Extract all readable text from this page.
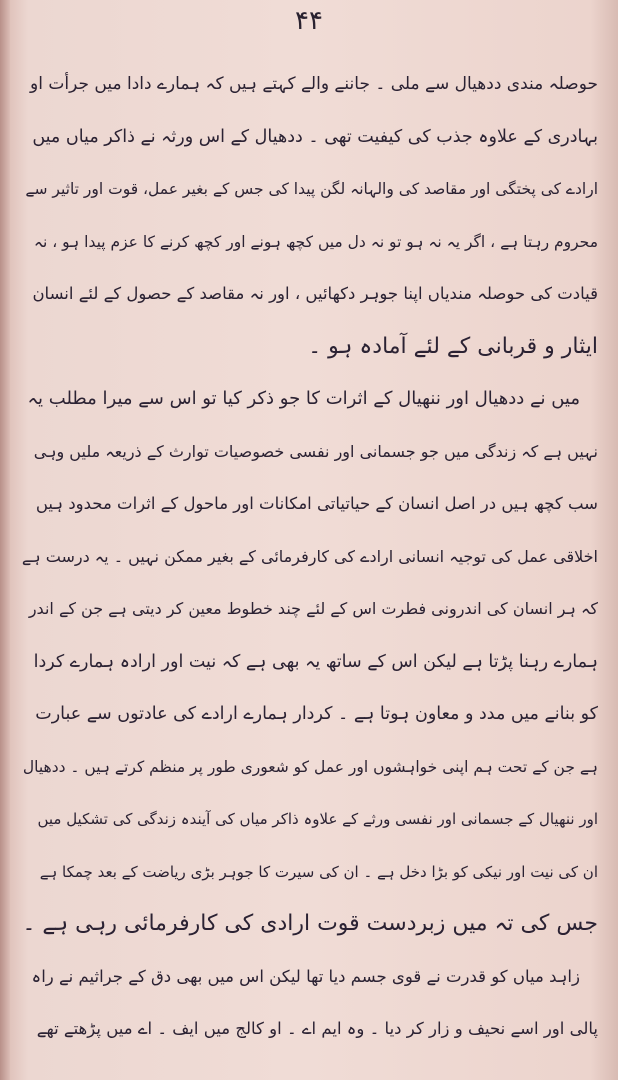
۴۴
حوصلہ مندی ددھیال سے ملی ۔ جاننے والے کہتے ہیں کہ ہمارے دادا میں جرأت او
بہادری کے علاوہ جذب کی کیفیت تھی ۔ ددھیال کے اس ورثہ نے ذاکر میاں میں
ارادے کی پختگی اور مقاصد کی والہانہ لگن پیدا کی جس کے بغیر عمل، قوت اور تاثیر سے
محروم رہتا ہے ، اگر یہ نہ ہو تو نہ دل میں کچھ ہونے اور کچھ کرنے کا عزم پیدا ہو ، نہ
قیادت کی حوصلہ مندیاں اپنا جوہر دکھائیں ، اور نہ مقاصد کے حصول کے لئے انسان
ایثار و قربانی کے لئے آمادہ ہو ۔
میں نے ددھیال اور ننھیال کے اثرات کا جو ذکر کیا تو اس سے میرا مطلب یہ
نہیں ہے کہ زندگی میں جو جسمانی اور نفسی خصوصیات توارث کے ذریعہ ملیں وہی
سب کچھ ہیں در اصل انسان کے حیاتیاتی امکانات اور ماحول کے اثرات محدود ہیں
اخلاقی عمل کی توجیہ انسانی ارادے کی کارفرمائی کے بغیر ممکن نہیں ۔ یہ درست ہے
کہ ہر انسان کی اندرونی فطرت اس کے لئے چند خطوط معین کر دیتی ہے جن کے اندر
ہمارے رہنا پڑتا ہے لیکن اس کے ساتھ یہ بھی ہے کہ نیت اور ارادہ ہمارے کردا
کو بنانے میں مدد و معاون ہوتا ہے ۔ کردار ہمارے ارادے کی عادتوں سے عبارت
ہے جن کے تحت ہم اپنی خواہشوں اور عمل کو شعوری طور پر منظم کرتے ہیں ۔ ددھیال
اور ننھیال کے جسمانی اور نفسی ورثے کے علاوہ ذاکر میاں کی آیندہ زندگی کی تشکیل میں
ان کی نیت اور نیکی کو بڑا دخل ہے ۔ ان کی سیرت کا جوہر بڑی ریاضت کے بعد چمکا ہے
جس کی تہ میں زبردست قوت ارادی کی کارفرمائی رہی ہے ۔
زاہد میاں کو قدرت نے قوی جسم دیا تھا لیکن اس میں بھی دق کے جراثیم نے راہ
پالی اور اسے نحیف و زار کر دیا ۔ وہ ایم اے ۔ او کالج میں ایف ۔ اے میں پڑھتے تھے
